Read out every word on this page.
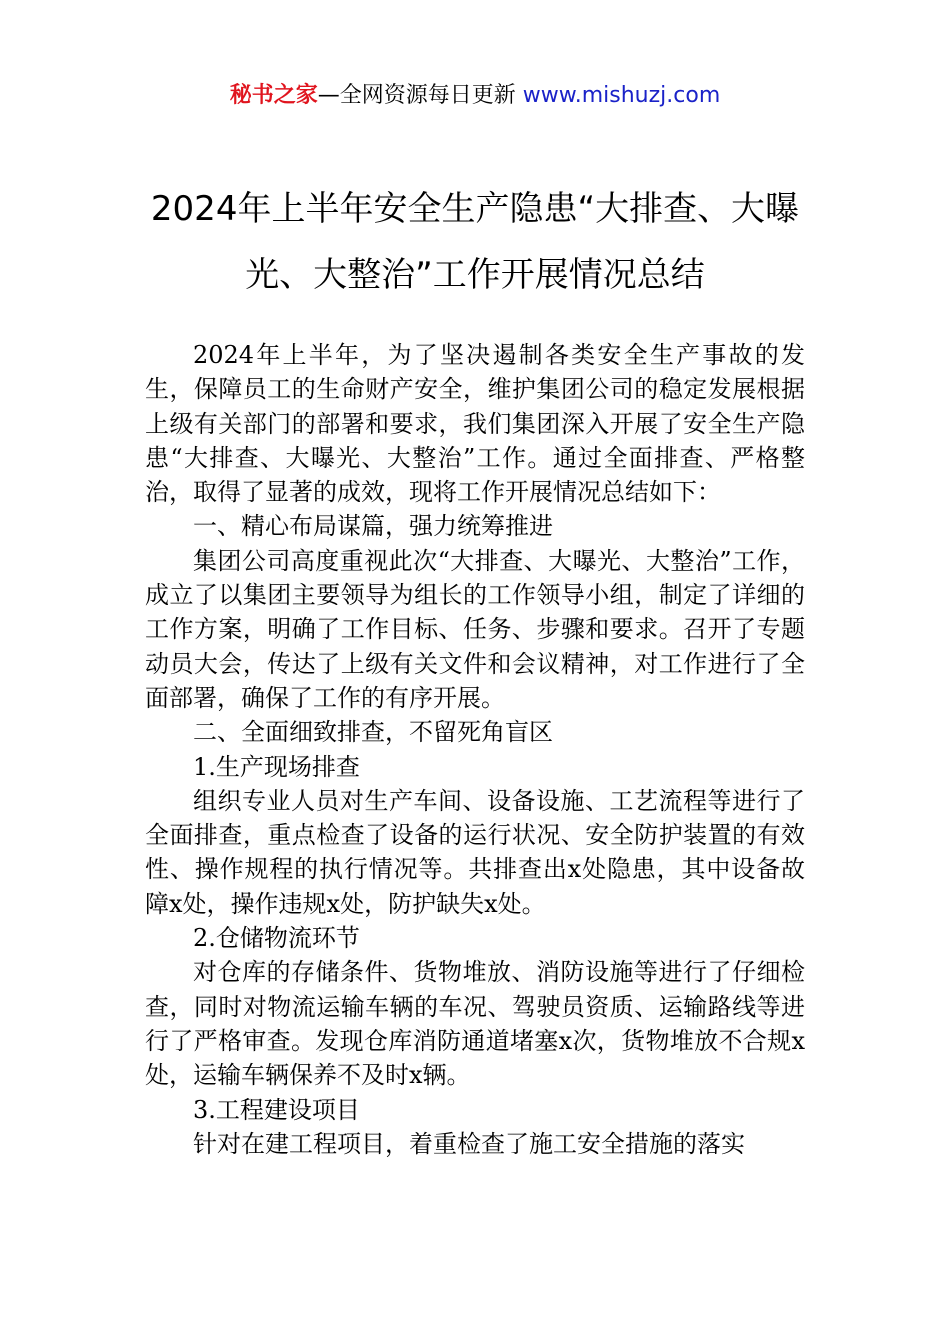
秘书之家—全网资源每日更新 www.mishuzj.com
2024年上半年安全生产隐患“大排查、大曝光、大整治”工作开展情况总结

2024年上半年，为了坚决遏制各类安全生产事故的发生，保障员工的生命财产安全，维护集团公司的稳定发展根据上级有关部门的部署和要求，我们集团深入开展了安全生产隐患“大排查、大曝光、大整治”工作。通过全面排查、严格整治，取得了显著的成效，现将工作开展情况总结如下：

一、精心布局谋篇，强力统筹推进

集团公司高度重视此次“大排查、大曝光、大整治”工作，成立了以集团主要领导为组长的工作领导小组，制定了详细的工作方案，明确了工作目标、任务、步骤和要求。召开了专题动员大会，传达了上级有关文件和会议精神，对工作进行了全面部署，确保了工作的有序开展。

二、全面细致排查，不留死角盲区

1.生产现场排查

组织专业人员对生产车间、设备设施、工艺流程等进行了全面排查，重点检查了设备的运行状况、安全防护装置的有效性、操作规程的执行情况等。共排查出x处隐患，其中设备故障x处，操作违规x处，防护缺失x处。

2.仓储物流环节

对仓库的存储条件、货物堆放、消防设施等进行了仔细检查，同时对物流运输车辆的车况、驾驶员资质、运输路线等进行了严格审查。发现仓库消防通道堵塞x次，货物堆放不合规x处，运输车辆保养不及时x辆。

3.工程建设项目

针对在建工程项目，着重检查了施工安全措施的落实
